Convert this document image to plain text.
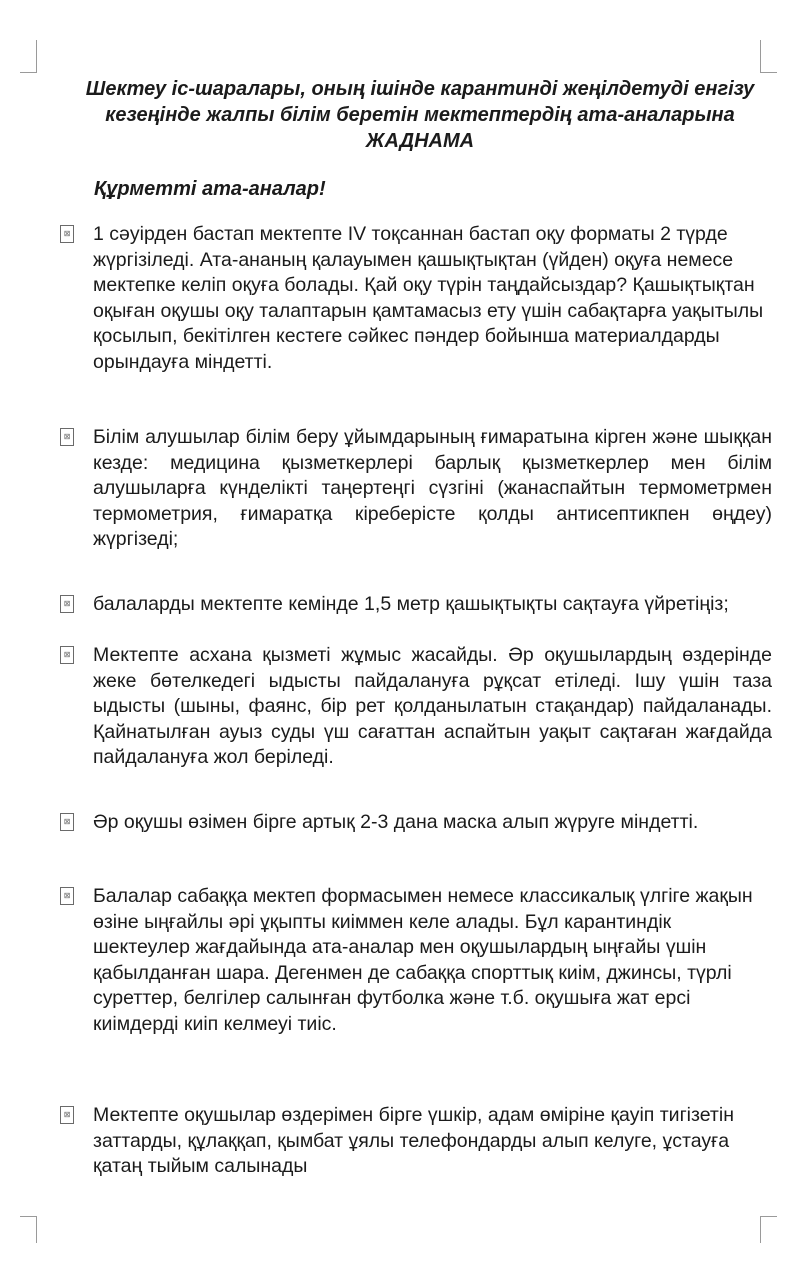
Шектеу іс-шаралары, оның ішінде карантинді жеңілдетуді енгізу
кезеңінде жалпы білім беретін мектептердің ата-аналарына
ЖАДНАМА

Құрметті ата-аналар!

⊠ 1 сәуірден бастап мектепте IV тоқсаннан бастап оқу форматы 2 түрде жүргізіледі. Ата-ананың қалауымен қашықтықтан (үйден) оқуға немесе мектепке келіп оқуға болады. Қай оқу түрін таңдайсыздар? Қашықтықтан оқыған оқушы оқу талаптарын қамтамасыз ету үшін сабақтарға уақытылы қосылып, бекітілген кестеге сәйкес пәндер бойынша материалдарды орындауға міндетті.
⊠ Білім алушылар білім беру ұйымдарының ғимаратына кірген және шыққан кезде: медицина қызметкерлері барлық қызметкерлер мен білім алушыларға күнделікті таңертеңгі сүзгіні (жанаспайтын термометрмен термометрия, ғимаратқа кіреберісте қолды антисептикпен өңдеу) жүргізеді;
⊠ балаларды мектепте кемінде 1,5 метр қашықтықты сақтауға үйретіңіз;
⊠ Мектепте асхана қызметі жұмыс жасайды. Әр оқушылардың өздерінде жеке бөтелкедегі ыдысты пайдалануға рұқсат етіледі. Ішу үшін таза ыдысты (шыны, фаянс, бір рет қолданылатын стақандар) пайдаланады. Қайнатылған ауыз суды үш сағаттан аспайтын уақыт сақтаған жағдайда пайдалануға жол беріледі.
⊠ Әр оқушы өзімен бірге артық 2-3 дана маска алып жүруге міндетті.
⊠ Балалар сабаққа мектеп формасымен немесе классикалық үлгіге жақын өзіне ыңғайлы әрі ұқыпты киіммен келе алады. Бұл карантиндік шектеулер жағдайында ата-аналар мен оқушылардың ыңғайы үшін қабылданған шара. Дегенмен де сабаққа спорттық киім, джинсы, түрлі суреттер, белгілер салынған футболка және т.б. оқушыға жат ерсі киімдерді киіп келмеуі тиіс.
⊠ Мектепте оқушылар өздерімен бірге үшкір, адам өміріне қауіп тигізетін заттарды, құлаққап, қымбат ұялы телефондарды алып келуге, ұстауға қатаң тыйым салынады
